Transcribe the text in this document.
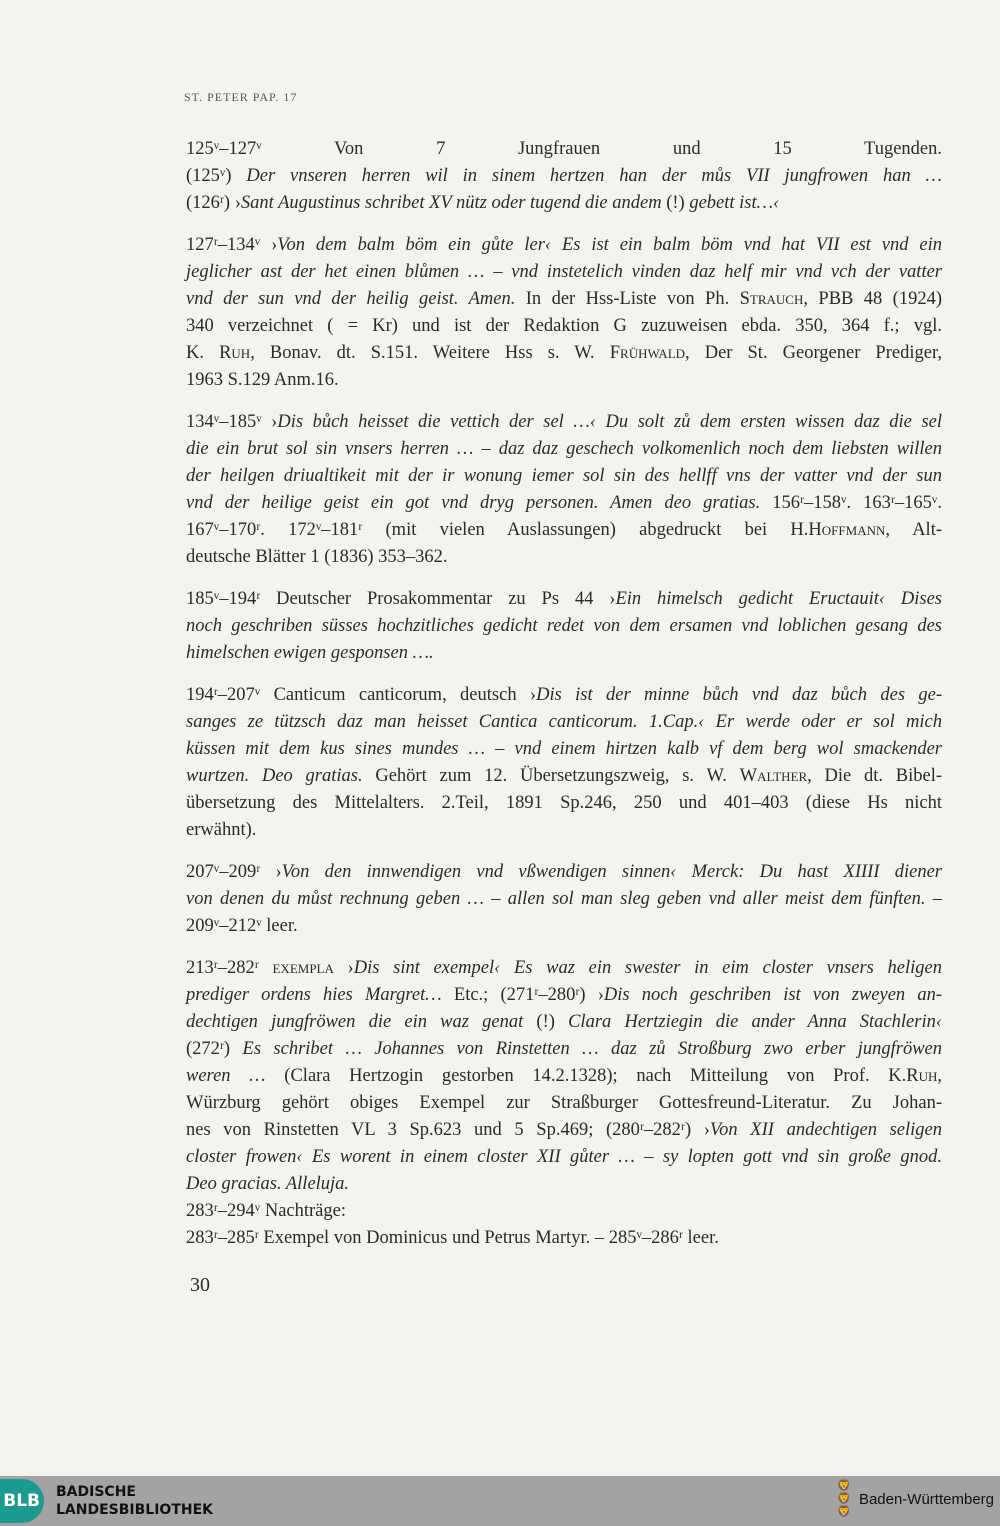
ST. PETER PAP. 17
125ᵛ–127ᵛ Von 7 Jungfrauen und 15 Tugenden.
(125ᵛ) Der vnseren herren wil in sinem hertzen han der můs VII jungfrowen han …
(126ʳ) ›Sant Augustinus schribet XV nütz oder tugend die andem (!) gebett ist…‹
127ʳ–134ᵛ ›Von dem balm böm ein gůte ler‹ Es ist ein balm böm vnd hat VII est vnd ein
jeglicher ast der het einen blůmen … – vnd instetelich vinden daz helf mir vnd vch der vatter
vnd der sun vnd der heilig geist. Amen. In der Hss-Liste von Ph. Strauch, PBB 48 (1924)
340 verzeichnet ( = Kr) und ist der Redaktion G zuzuweisen ebda. 350, 364 f.; vgl.
K. Ruh, Bonav. dt. S.151. Weitere Hss s. W. Frühwald, Der St. Georgener Prediger,
1963 S.129 Anm.16.
134ᵛ–185ᵛ ›Dis bůch heisset die vettich der sel …‹ Du solt zů dem ersten wissen daz die sel
die ein brut sol sin vnsers herren … – daz daz geschech volkomenlich noch dem liebsten willen
der heilgen driualtikeit mit der ir wonung iemer sol sin des hellff vns der vatter vnd der sun
vnd der heilige geist ein got vnd dryg personen. Amen deo gratias. 156ʳ–158ᵛ. 163ʳ–165ᵛ.
167ᵛ–170ʳ. 172ᵛ–181ʳ (mit vielen Auslassungen) abgedruckt bei H.Hoffmann, Alt-
deutsche Blätter 1 (1836) 353–362.
185ᵛ–194ʳ Deutscher Prosakommentar zu Ps 44 ›Ein himelsch gedicht Eructauit‹ Dises
noch geschriben süsses hochzitliches gedicht redet von dem ersamen vnd loblichen gesang des
himelschen ewigen gesponsen ….
194ʳ–207ᵛ Canticum canticorum, deutsch ›Dis ist der minne bůch vnd daz bůch des ge-
sanges ze tützsch daz man heisset Cantica canticorum. 1.Cap.‹ Er werde oder er sol mich
küssen mit dem kus sines mundes … – vnd einem hirtzen kalb vf dem berg wol smackender
wurtzen. Deo gratias. Gehört zum 12. Übersetzungszweig, s. W. Walther, Die dt. Bibel-
übersetzung des Mittelalters. 2.Teil, 1891 Sp.246, 250 und 401–403 (diese Hs nicht
erwähnt).
207ᵛ–209ʳ ›Von den innwendigen vnd vßwendigen sinnen‹ Merck: Du hast XIIII diener
von denen du můst rechnung geben … – allen sol man sleg geben vnd aller meist dem fünften. –
209ᵛ–212ᵛ leer.
213ʳ–282ʳ exempla ›Dis sint exempel‹ Es waz ein swester in eim closter vnsers heligen
prediger ordens hies Margret… Etc.; (271ʳ–280ʳ) ›Dis noch geschriben ist von zweyen an-
dechtigen jungfröwen die ein waz genat (!) Clara Hertziegin die ander Anna Stachlerin‹
(272ʳ) Es schribet … Johannes von Rinstetten … daz zů Stroßburg zwo erber jungfröwen
weren … (Clara Hertzogin gestorben 14.2.1328); nach Mitteilung von Prof. K.Ruh,
Würzburg gehört obiges Exempel zur Straßburger Gottesfreund-Literatur. Zu Johan-
nes von Rinstetten VL 3 Sp.623 und 5 Sp.469; (280ʳ–282ʳ) ›Von XII andechtigen seligen
closter frowen‹ Es worent in einem closter XII gůter … – sy lopten gott vnd sin große gnod.
Deo gracias. Alleluja.
283ʳ–294ᵛ Nachträge:
283ʳ–285ʳ Exempel von Dominicus und Petrus Martyr. – 285ᵛ–286ʳ leer.
30
BLB BADISCHE
LANDESBIBLIOTHEK
🦁
🦁
🦁
Baden-Württemberg
